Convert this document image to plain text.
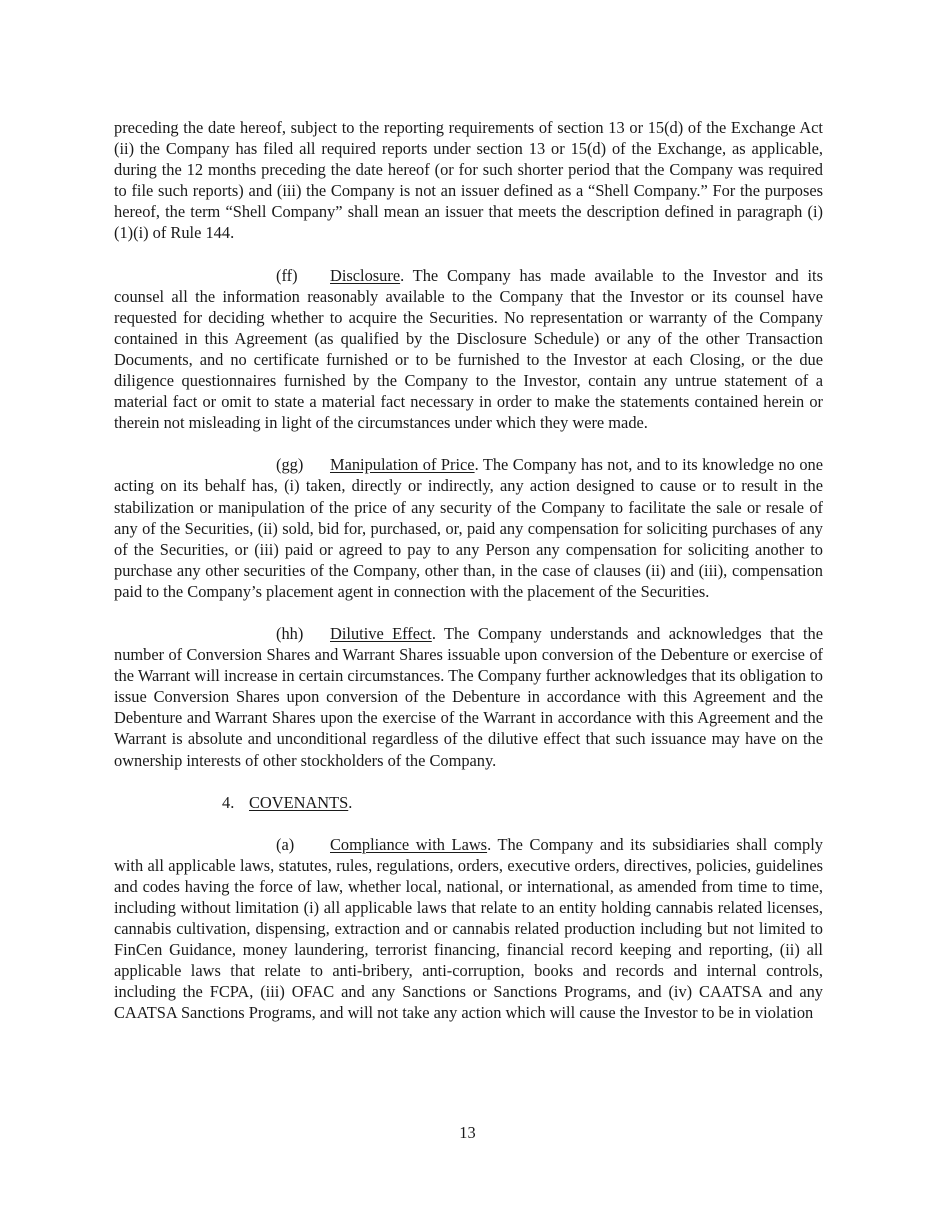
preceding the date hereof, subject to the reporting requirements of section 13 or 15(d) of the Exchange Act (ii) the Company has filed all required reports under section 13 or 15(d) of the Exchange, as applicable, during the 12 months preceding the date hereof (or for such shorter period that the Company was required to file such reports) and (iii) the Company is not an issuer defined as a “Shell Company.” For the purposes hereof, the term “Shell Company” shall mean an issuer that meets the description defined in paragraph (i)(1)(i) of Rule 144.

(ff) Disclosure. The Company has made available to the Investor and its counsel all the information reasonably available to the Company that the Investor or its counsel have requested for deciding whether to acquire the Securities. No representation or warranty of the Company contained in this Agreement (as qualified by the Disclosure Schedule) or any of the other Transaction Documents, and no certificate furnished or to be furnished to the Investor at each Closing, or the due diligence questionnaires furnished by the Company to the Investor, contain any untrue statement of a material fact or omit to state a material fact necessary in order to make the statements contained herein or therein not misleading in light of the circumstances under which they were made.

(gg) Manipulation of Price. The Company has not, and to its knowledge no one acting on its behalf has, (i) taken, directly or indirectly, any action designed to cause or to result in the stabilization or manipulation of the price of any security of the Company to facilitate the sale or resale of any of the Securities, (ii) sold, bid for, purchased, or, paid any compensation for soliciting purchases of any of the Securities, or (iii) paid or agreed to pay to any Person any compensation for soliciting another to purchase any other securities of the Company, other than, in the case of clauses (ii) and (iii), compensation paid to the Company’s placement agent in connection with the placement of the Securities.

(hh) Dilutive Effect. The Company understands and acknowledges that the number of Conversion Shares and Warrant Shares issuable upon conversion of the Debenture or exercise of the Warrant will increase in certain circumstances. The Company further acknowledges that its obligation to issue Conversion Shares upon conversion of the Debenture in accordance with this Agreement and the Debenture and Warrant Shares upon the exercise of the Warrant in accordance with this Agreement and the Warrant is absolute and unconditional regardless of the dilutive effect that such issuance may have on the ownership interests of other stockholders of the Company.

4. COVENANTS.

(a) Compliance with Laws. The Company and its subsidiaries shall comply with all applicable laws, statutes, rules, regulations, orders, executive orders, directives, policies, guidelines and codes having the force of law, whether local, national, or international, as amended from time to time, including without limitation (i) all applicable laws that relate to an entity holding cannabis related licenses, cannabis cultivation, dispensing, extraction and or cannabis related production including but not limited to FinCen Guidance, money laundering, terrorist financing, financial record keeping and reporting, (ii) all applicable laws that relate to anti-bribery, anti-corruption, books and records and internal controls, including the FCPA, (iii) OFAC and any Sanctions or Sanctions Programs, and (iv) CAATSA and any CAATSA Sanctions Programs, and will not take any action which will cause the Investor to be in violation

13
